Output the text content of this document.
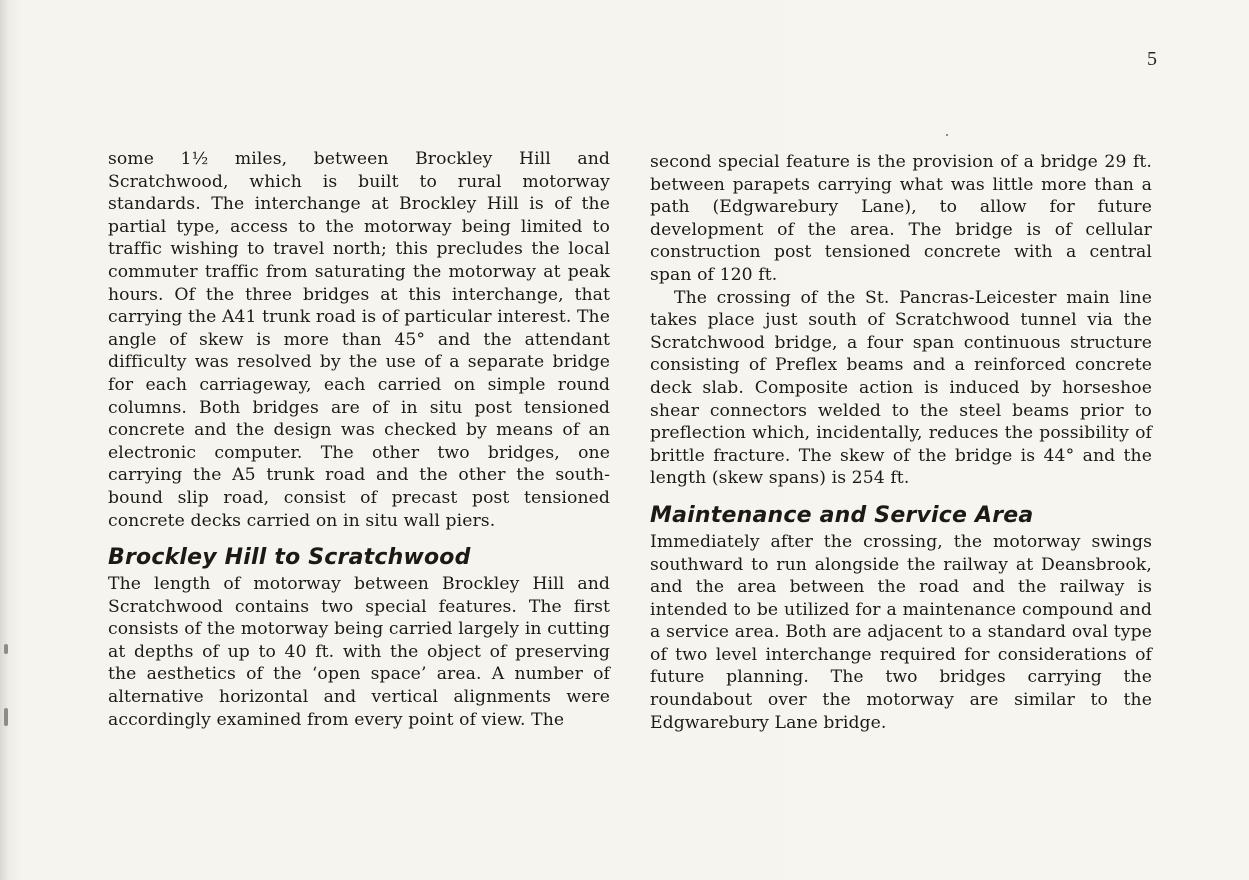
5

some 1½ miles, between Brockley Hill and Scratchwood, which is built to rural motorway standards. The interchange at Brockley Hill is of the partial type, access to the motorway being limited to traffic wishing to travel north; this precludes the local commuter traffic from saturating the motorway at peak hours. Of the three bridges at this interchange, that carrying the A41 trunk road is of particular interest. The angle of skew is more than 45° and the attendant difficulty was resolved by the use of a separate bridge for each carriageway, each carried on simple round columns. Both bridges are of in situ post tensioned concrete and the design was checked by means of an electronic computer. The other two bridges, one carrying the A5 trunk road and the other the south-bound slip road, consist of precast post tensioned concrete decks carried on in situ wall piers.

Brockley Hill to Scratchwood

The length of motorway between Brockley Hill and Scratchwood contains two special features. The first consists of the motorway being carried largely in cutting at depths of up to 40 ft. with the object of preserving the aesthetics of the ‘open space’ area. A number of alternative horizontal and vertical alignments were accordingly examined from every point of view. The

second special feature is the provision of a bridge 29 ft. between parapets carrying what was little more than a path (Edgwarebury Lane), to allow for future development of the area. The bridge is of cellular construction post tensioned concrete with a central span of 120 ft.

The crossing of the St. Pancras-Leicester main line takes place just south of Scratchwood tunnel via the Scratchwood bridge, a four span continuous structure consisting of Preflex beams and a reinforced concrete deck slab. Composite action is induced by horseshoe shear connectors welded to the steel beams prior to preflection which, incidentally, reduces the possibility of brittle fracture. The skew of the bridge is 44° and the length (skew spans) is 254 ft.

Maintenance and Service Area

Immediately after the crossing, the motorway swings southward to run alongside the railway at Deansbrook, and the area between the road and the railway is intended to be utilized for a maintenance compound and a service area. Both are adjacent to a standard oval type of two level interchange required for considerations of future planning. The two bridges carrying the roundabout over the motorway are similar to the Edgwarebury Lane bridge.
